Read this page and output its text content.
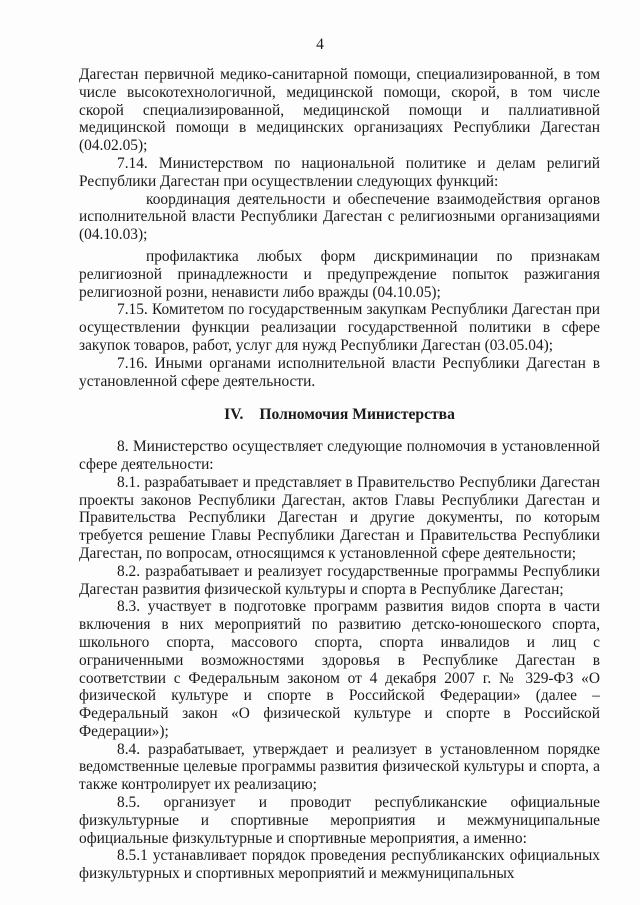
4

Дагестан первичной медико-санитарной помощи, специализированной, в том числе высокотехнологичной, медицинской помощи, скорой, в том числе скорой специализированной, медицинской помощи и паллиативной медицинской помощи в медицинских организациях Республики Дагестан (04.02.05);

7.14. Министерством по национальной политике и делам религий Республики Дагестан при осуществлении следующих функций:

координация деятельности и обеспечение взаимодействия органов исполнительной власти Республики Дагестан с религиозными организациями (04.10.03);

профилактика любых форм дискриминации по признакам религиозной принадлежности и предупреждение попыток разжигания религиозной розни, ненависти либо вражды (04.10.05);

7.15. Комитетом по государственным закупкам Республики Дагестан при осуществлении функции реализации государственной политики в сфере закупок товаров, работ, услуг для нужд Республики Дагестан (03.05.04);

7.16. Иными органами исполнительной власти Республики Дагестан в установленной сфере деятельности.

IV. Полномочия Министерства

8. Министерство осуществляет следующие полномочия в установленной сфере деятельности:

8.1. разрабатывает и представляет в Правительство Республики Дагестан проекты законов Республики Дагестан, актов Главы Республики Дагестан и Правительства Республики Дагестан и другие документы, по которым требуется решение Главы Республики Дагестан и Правительства Республики Дагестан, по вопросам, относящимся к установленной сфере деятельности;

8.2. разрабатывает и реализует государственные программы Республики Дагестан развития физической культуры и спорта в Республике Дагестан;

8.3. участвует в подготовке программ развития видов спорта в части включения в них мероприятий по развитию детско-юношеского спорта, школьного спорта, массового спорта, спорта инвалидов и лиц с ограниченными возможностями здоровья в Республике Дагестан в соответствии с Федеральным законом от 4 декабря 2007 г. № 329-ФЗ «О физической культуре и спорте в Российской Федерации» (далее – Федеральный закон «О физической культуре и спорте в Российской Федерации»);

8.4. разрабатывает, утверждает и реализует в установленном порядке ведомственные целевые программы развития физической культуры и спорта, а также контролирует их реализацию;

8.5. организует и проводит республиканские официальные физкультурные и спортивные мероприятия и межмуниципальные официальные физкультурные и спортивные мероприятия, а именно:

8.5.1 устанавливает порядок проведения республиканских официальных физкультурных и спортивных мероприятий и межмуниципальных
